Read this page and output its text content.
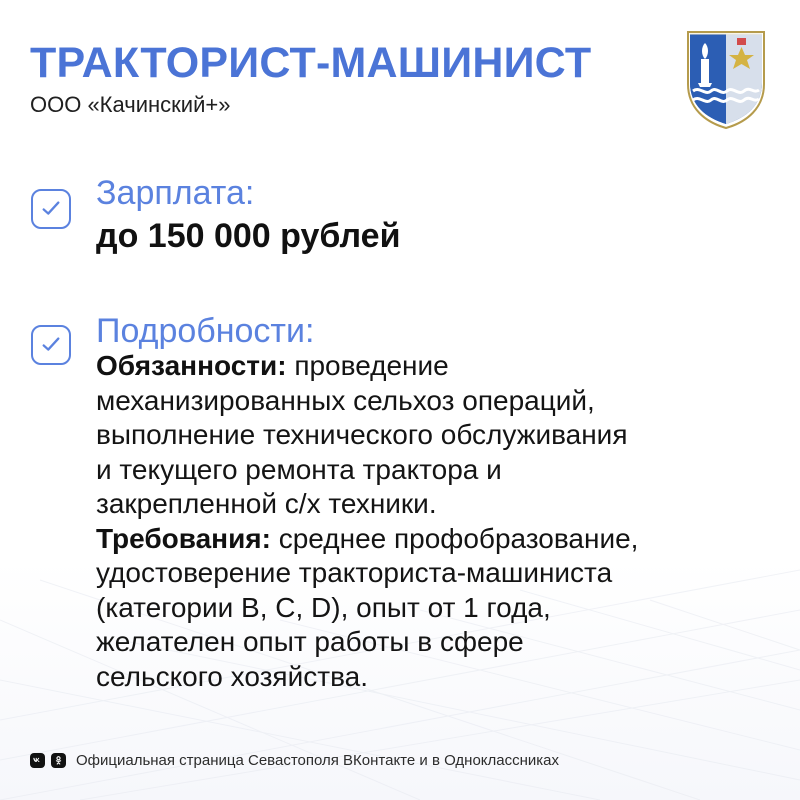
ТРАКТОРИСТ-МАШИНИСТ
ООО «Качинский+»
Зарплата:
до 150 000 рублей
Подробности:

Обязанности: проведение
механизированных сельхоз операций,
выполнение технического обслуживания
и текущего ремонта трактора и
закрепленной с/х техники.

Требования: среднее профобразование,
удостоверение тракториста-машиниста
(категории B, C, D), опыт от 1 года,
желателен опыт работы в сфере
сельского хозяйства.

Официальная страница Севастополя ВКонтакте и в Одноклассниках
